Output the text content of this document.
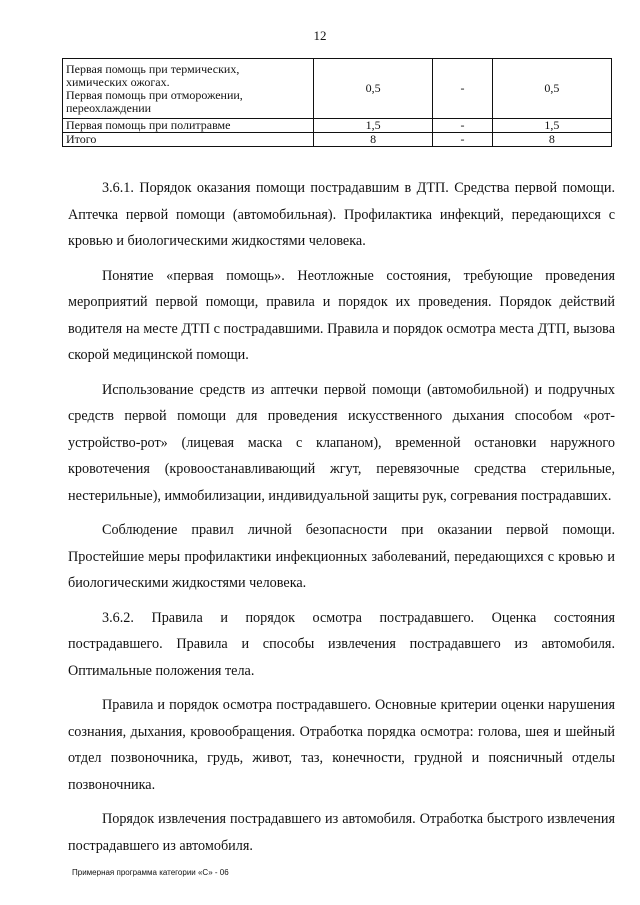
12
Первая помощь при термических,
химических ожогах.
Первая помощь при отморожении,
переохлаждении	0,5	-	0,5
Первая помощь при политравме	1,5	-	1,5
Итого	8	-	8

3.6.1. Порядок оказания помощи пострадавшим в ДТП. Средства первой помощи. Аптечка первой помощи (автомобильная). Профилактика инфекций, передающихся с кровью и биологическими жидкостями человека.

Понятие «первая помощь». Неотложные состояния, требующие проведения мероприятий первой помощи, правила и порядок их проведения. Порядок действий водителя на месте ДТП с пострадавшими. Правила и порядок осмотра места ДТП, вызова скорой медицинской помощи.

Использование средств из аптечки первой помощи (автомобильной) и подручных средств первой помощи для проведения искусственного дыхания способом «рот-устройство-рот» (лицевая маска с клапаном), временной остановки наружного кровотечения (кровоостанавливающий жгут, перевязочные средства стерильные, нестерильные), иммобилизации, индивидуальной защиты рук, согревания пострадавших.

Соблюдение правил личной безопасности при оказании первой помощи. Простейшие меры профилактики инфекционных заболеваний, передающихся с кровью и биологическими жидкостями человека.

3.6.2. Правила и порядок осмотра пострадавшего. Оценка состояния пострадавшего. Правила и способы извлечения пострадавшего из автомобиля. Оптимальные положения тела.

Правила и порядок осмотра пострадавшего. Основные критерии оценки нарушения сознания, дыхания, кровообращения. Отработка порядка осмотра: голова, шея и шейный отдел позвоночника, грудь, живот, таз, конечности, грудной и поясничный отделы позвоночника.

Порядок извлечения пострадавшего из автомобиля. Отработка быстрого извлечения пострадавшего из автомобиля.

Примерная программа категории «С» - 06
